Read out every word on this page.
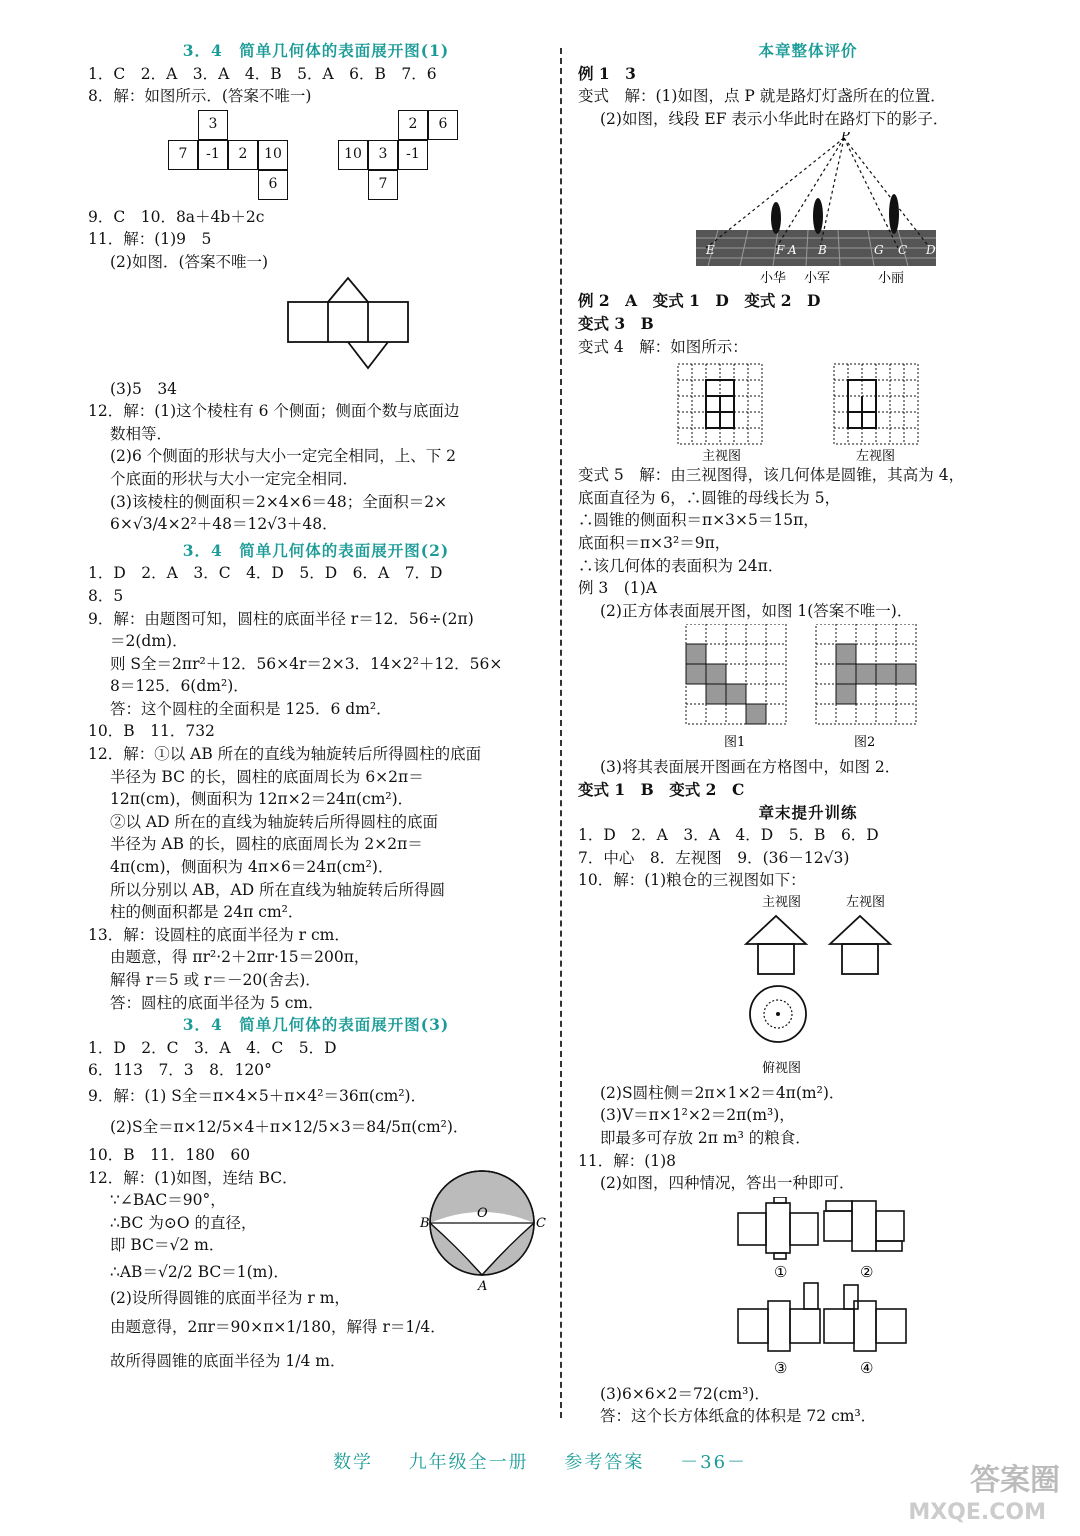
3．4　简单几何体的表面展开图(1)
1．C　2．A　3．A　4．B　5．A　6．B　7．6
8．解：如图所示．(答案不唯一)
3
7	-1	2	10
6
2	6
10	3	-1
7
9．C　10．8a＋4b＋2c
11．解：(1)9　5
(2)如图．(答案不唯一)
(3)5　34
12．解：(1)这个棱柱有 6 个侧面；侧面个数与底面边
数相等．
(2)6 个侧面的形状与大小一定完全相同，上、下 2
个底面的形状与大小一定完全相同．
(3)该棱柱的侧面积＝2×4×6＝48；全面积＝2×
6×√3/4×2²＋48＝12√3＋48．
3．4　简单几何体的表面展开图(2)
1．D　2．A　3．C　4．D　5．D　6．A　7．D
8．5
9．解：由题图可知，圆柱的底面半径 r＝12．56÷(2π)
＝2(dm)．
则 S全＝2πr²＋12．56×4r＝2×3．14×2²＋12．56×
8＝125．6(dm²)．
答：这个圆柱的全面积是 125．6 dm²．
10．B　11．732
12．解：①以 AB 所在的直线为轴旋转后所得圆柱的底面
半径为 BC 的长，圆柱的底面周长为 6×2π＝
12π(cm)，侧面积为 12π×2＝24π(cm²)．
②以 AD 所在的直线为轴旋转后所得圆柱的底面
半径为 AB 的长，圆柱的底面周长为 2×2π＝
4π(cm)，侧面积为 4π×6＝24π(cm²)．
所以分别以 AB，AD 所在直线为轴旋转后所得圆
柱的侧面积都是 24π cm²．
13．解：设圆柱的底面半径为 r cm．
由题意，得 πr²·2＋2πr·15＝200π，
解得 r＝5 或 r＝－20(舍去)．
答：圆柱的底面半径为 5 cm．
3．4　简单几何体的表面展开图(3)
1．D　2．C　3．A　4．C　5．D
6．113　7．3　8．120°
9．解：(1) S全＝π×4×5＋π×4²＝36π(cm²)．
(2)S全＝π×12/5×4＋π×12/5×3＝84/5π(cm²)．
10．B　11．180　60
12．解：(1)如图，连结 BC．
∵∠BAC＝90°，
∴BC 为⊙O 的直径，
即 BC＝√2 m．
∴AB＝√2/2 BC＝1(m)．
B
O
C
A
(2)设所得圆锥的底面半径为 r m，
由题意得，2πr＝90×π×1/180，解得 r＝1/4．
故所得圆锥的底面半径为 1/4 m．
本章整体评价
例 1　3
变式　解：(1)如图，点 P 就是路灯灯盏所在的位置．
(2)如图，线段 EF 表示小华此时在路灯下的影子．
P
E	F A B	G C D
小华 小军	小丽
例 2　A　变式 1　D　变式 2　D
变式 3　B
变式 4　解：如图所示：
主视图	左视图
变式 5　解：由三视图得，该几何体是圆锥，其高为 4，
底面直径为 6，∴圆锥的母线长为 5，
∴圆锥的侧面积＝π×3×5＝15π，
底面积＝π×3²＝9π，
∴该几何体的表面积为 24π．
例 3　(1)A
(2)正方体表面展开图，如图 1(答案不唯一)．
图1	图2
(3)将其表面展开图画在方格图中，如图 2．
变式 1　B　变式 2　C
章末提升训练
1．D　2．A　3．A　4．D　5．B　6．D
7．中心　8．左视图　9．(36－12√3)
10．解：(1)粮仓的三视图如下：
主视图	左视图
俯视图
(2)S圆柱侧＝2π×1×2＝4π(m²)．
(3)V＝π×1²×2＝2π(m³)，
即最多可存放 2π m³ 的粮食．
11．解：(1)8
(2)如图，四种情况，答出一种即可．
①	②
③	④
(3)6×6×2＝72(cm³)．
答：这个长方体纸盒的体积是 72 cm³．
数学 九年级全一册 参考答案 －36－
答案圈
MXQE.COM
